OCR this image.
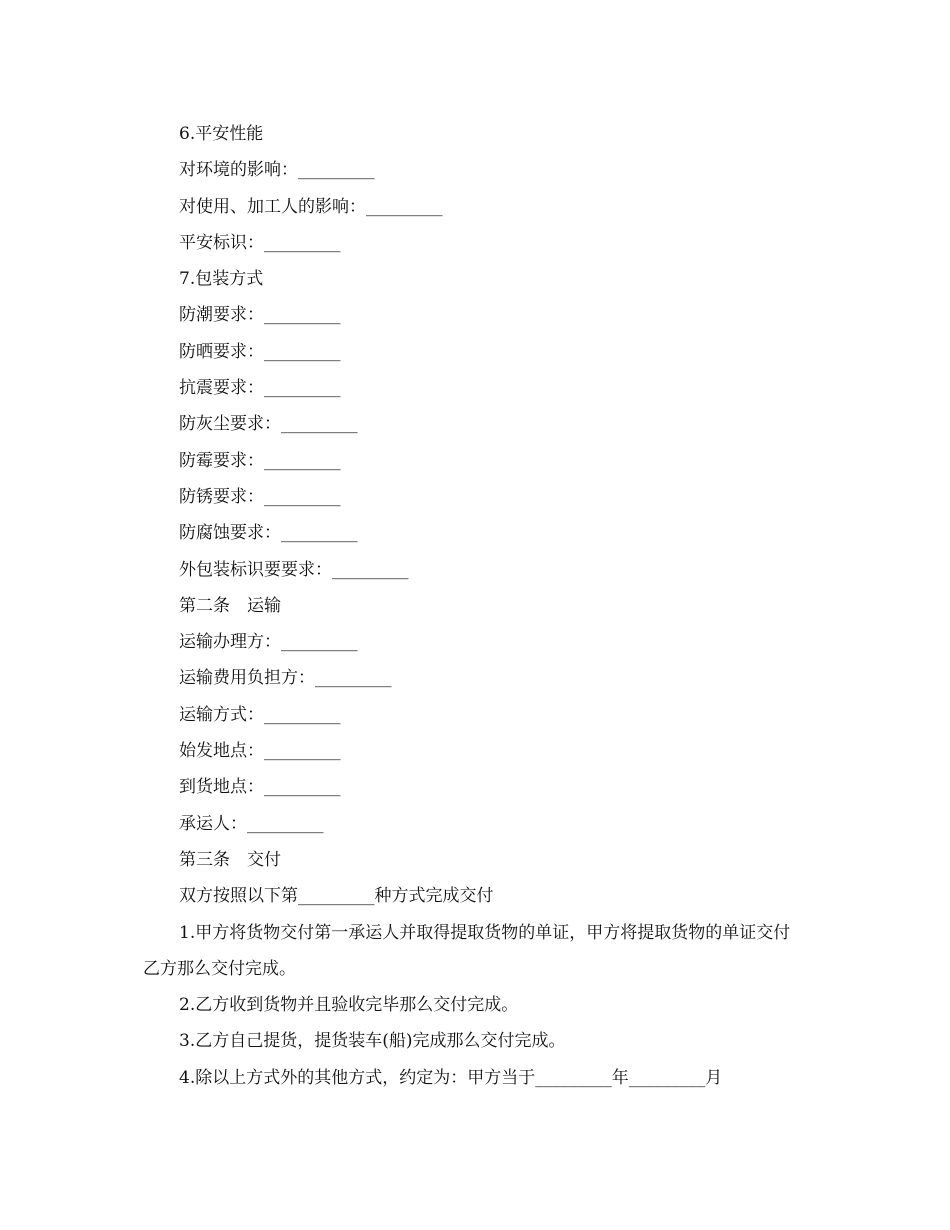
6.平安性能
对环境的影响：_________
对使用、加工人的影响：_________
平安标识：_________
7.包装方式
防潮要求：_________
防晒要求：_________
抗震要求：_________
防灰尘要求：_________
防霉要求：_________
防锈要求：_________
防腐蚀要求：_________
外包装标识要要求：_________
第二条　运输
运输办理方：_________
运输费用负担方：_________
运输方式：_________
始发地点：_________
到货地点：_________
承运人：_________
第三条　交付
双方按照以下第_________种方式完成交付
1.甲方将货物交付第一承运人并取得提取货物的单证，甲方将提取货物的单证交付乙方那么交付完成。
2.乙方收到货物并且验收完毕那么交付完成。
3.乙方自己提货，提货装车(船)完成那么交付完成。
4.除以上方式外的其他方式，约定为：甲方当于_________年_________月
